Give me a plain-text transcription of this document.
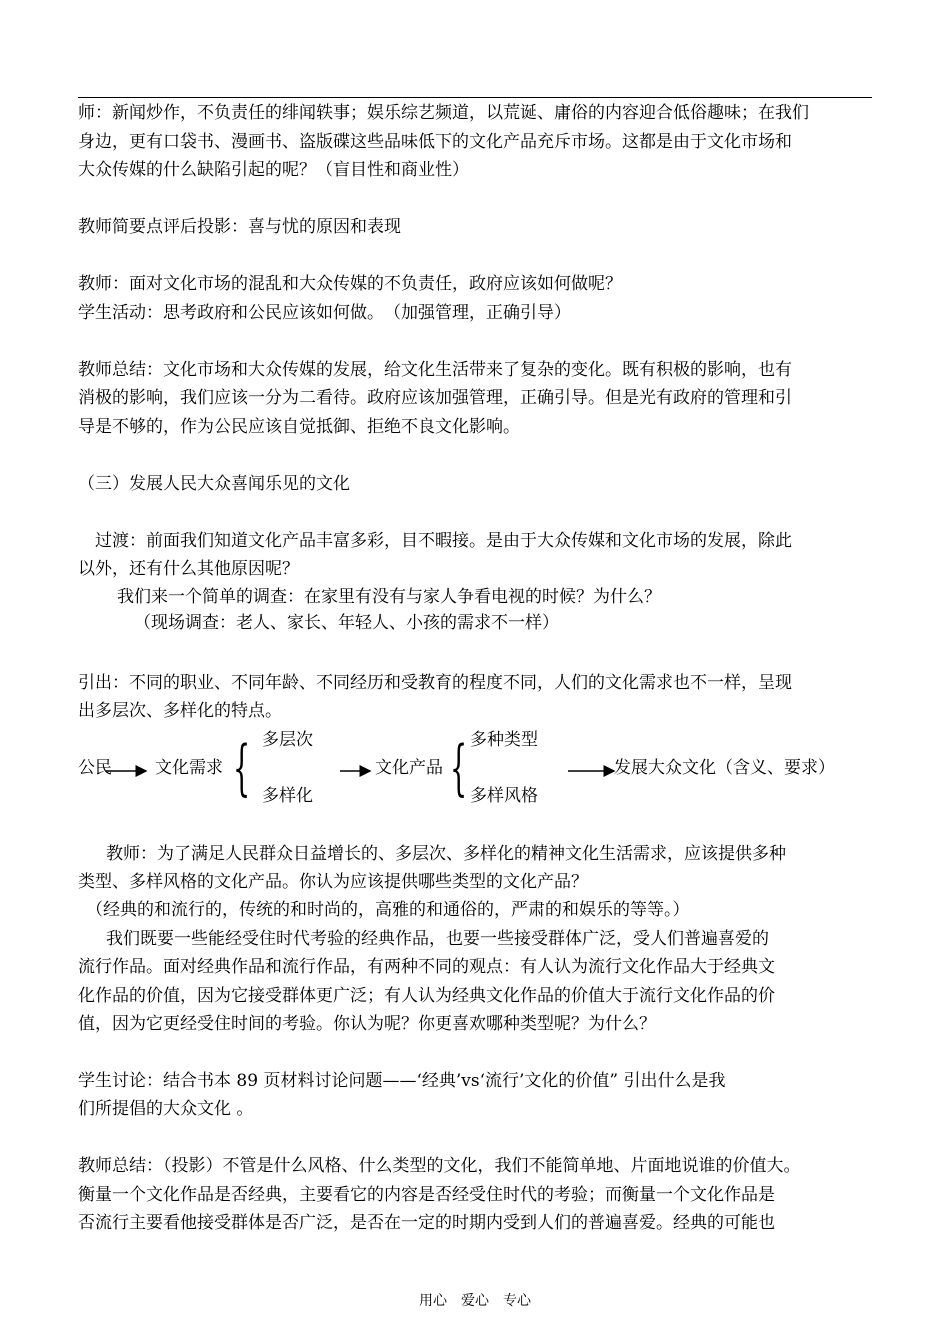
师：新闻炒作，不负责任的绯闻轶事；娱乐综艺频道，以荒诞、庸俗的内容迎合低俗趣味；在我们
身边，更有口袋书、漫画书、盗版碟这些品味低下的文化产品充斥市场。这都是由于文化市场和
大众传媒的什么缺陷引起的呢？（盲目性和商业性）
教师简要点评后投影：喜与忧的原因和表现
教师：面对文化市场的混乱和大众传媒的不负责任，政府应该如何做呢？
学生活动：思考政府和公民应该如何做。　（加强管理，正确引导）
教师总结：文化市场和大众传媒的发展，给文化生活带来了复杂的变化。既有积极的影响，也有
消极的影响，我们应该一分为二看待。政府应该加强管理，正确引导。但是光有政府的管理和引
导是不够的，作为公民应该自觉抵御、拒绝不良文化影响。
（三）发展人民大众喜闻乐见的文化
过渡：前面我们知道文化产品丰富多彩，目不暇接。是由于大众传媒和文化市场的发展，除此
以外，还有什么其他原因呢？
我们来一个简单的调查：在家里有没有与家人争看电视的时候？为什么？
（现场调查：老人、家长、年轻人、小孩的需求不一样）
引出：不同的职业、不同年龄、不同经历和受教育的程度不同，人们的文化需求也不一样，呈现
出多层次、多样化的特点。
公民	文化需求 { 多层次
多样化
文化产品 { 多种类型
多样风格
发展大众文化（含义、要求）
教师：为了满足人民群众日益增长的、多层次、多样化的精神文化生活需求，应该提供多种
类型、多样风格的文化产品。你认为应该提供哪些类型的文化产品？
（经典的和流行的，传统的和时尚的，高雅的和通俗的，严肃的和娱乐的等等。）
我们既要一些能经受住时代考验的经典作品，也要一些接受群体广泛，受人们普遍喜爱的
流行作品。面对经典作品和流行作品，有两种不同的观点：有人认为流行文化作品大于经典文
化作品的价值，因为它接受群体更广泛；有人认为经典文化作品的价值大于流行文化作品的价
值，因为它更经受住时间的考验。你认为呢？你更喜欢哪种类型呢？为什么？
学生讨论：结合书本 89 页材料讨论问题——‘经典’vs‘流行’文化的价值” 引出什么是我
们所提倡的大众文化 。
教师总结：（投影）不管是什么风格、什么类型的文化，我们不能简单地、片面地说谁的价值大。
衡量一个文化作品是否经典，主要看它的内容是否经受住时代的考验；而衡量一个文化作品是
否流行主要看他接受群体是否广泛，是否在一定的时期内受到人们的普遍喜爱。经典的可能也
用心　爱心　专心
